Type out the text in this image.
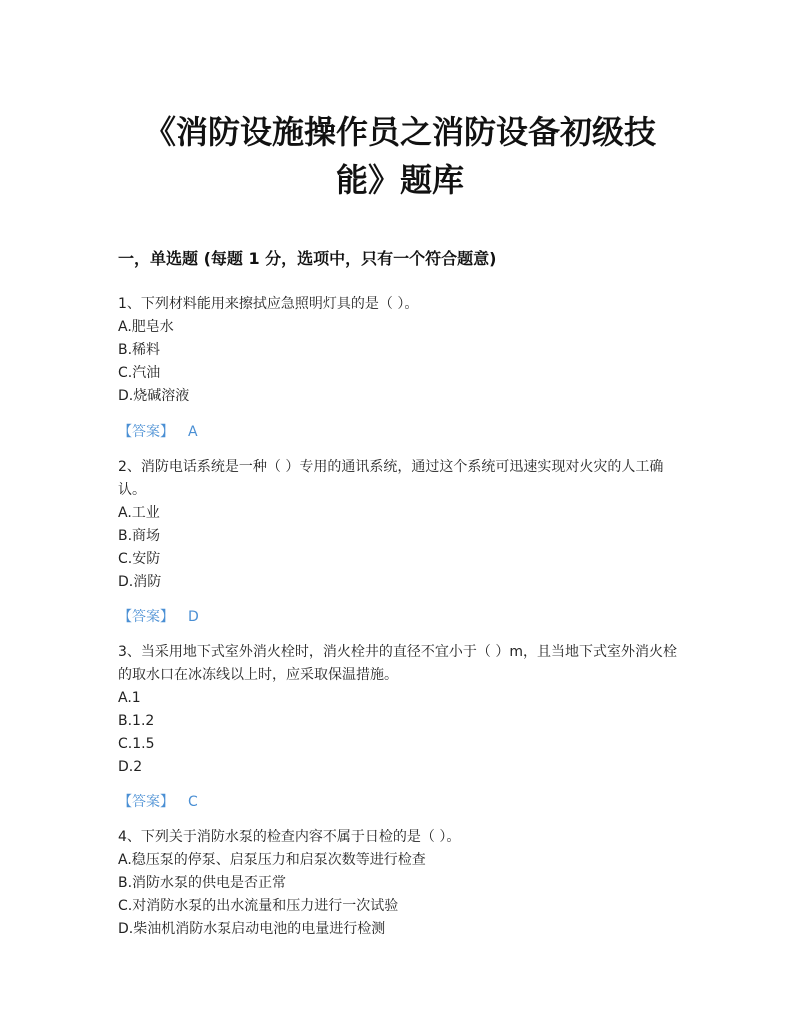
《消防设施操作员之消防设备初级技
能》题库
一，单选题 (每题 1 分，选项中，只有一个符合题意)

1、下列材料能用来擦拭应急照明灯具的是（ ）。

A.肥皂水

B.稀料

C.汽油

D.烧碱溶液

【答案】 A

2、消防电话系统是一种（ ）专用的通讯系统，通过这个系统可迅速实现对火灾的人工确认。

A.工业

B.商场

C.安防

D.消防

【答案】 D

3、当采用地下式室外消火栓时，消火栓井的直径不宜小于（ ）m，且当地下式室外消火栓的取水口在冰冻线以上时，应采取保温措施。

A.1

B.1.2

C.1.5

D.2

【答案】 C

4、下列关于消防水泵的检查内容不属于日检的是（ ）。

A.稳压泵的停泵、启泵压力和启泵次数等进行检查

B.消防水泵的供电是否正常

C.对消防水泵的出水流量和压力进行一次试验

D.柴油机消防水泵启动电池的电量进行检测
